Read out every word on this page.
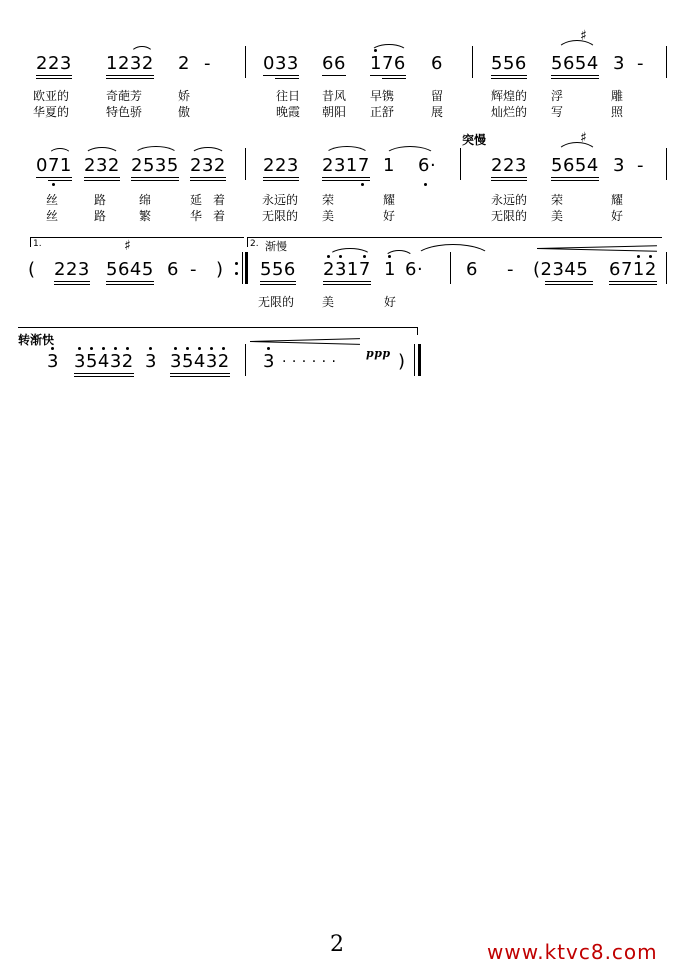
223 1232 2 -	033 66 176 6	556 5654
♯
3 -
欧亚的	奇葩芳	娇	往日 昔风 早镌	留	辉煌的 浮	雕
华夏的	特色骄	傲	晚霞 朝阳 正舒	展	灿烂的 写	照
突慢
071 232 2535 232 223 2317 1 6·	223 5654
♯
3 -
丝	路	绵	延 着	永远的 荣	耀	永远的 荣	耀
丝	路	繁	华 着	无限的 美	好	无限的 美	好
1.	2. 渐慢
( 223 5645
♯
6 - ) 556 2317 1 6· 6 - (2345 6712
无限的 美	好
转渐快
3 35432 3 35432 3 · · · · · ·
ppp )
2	www.ktvc8.com
